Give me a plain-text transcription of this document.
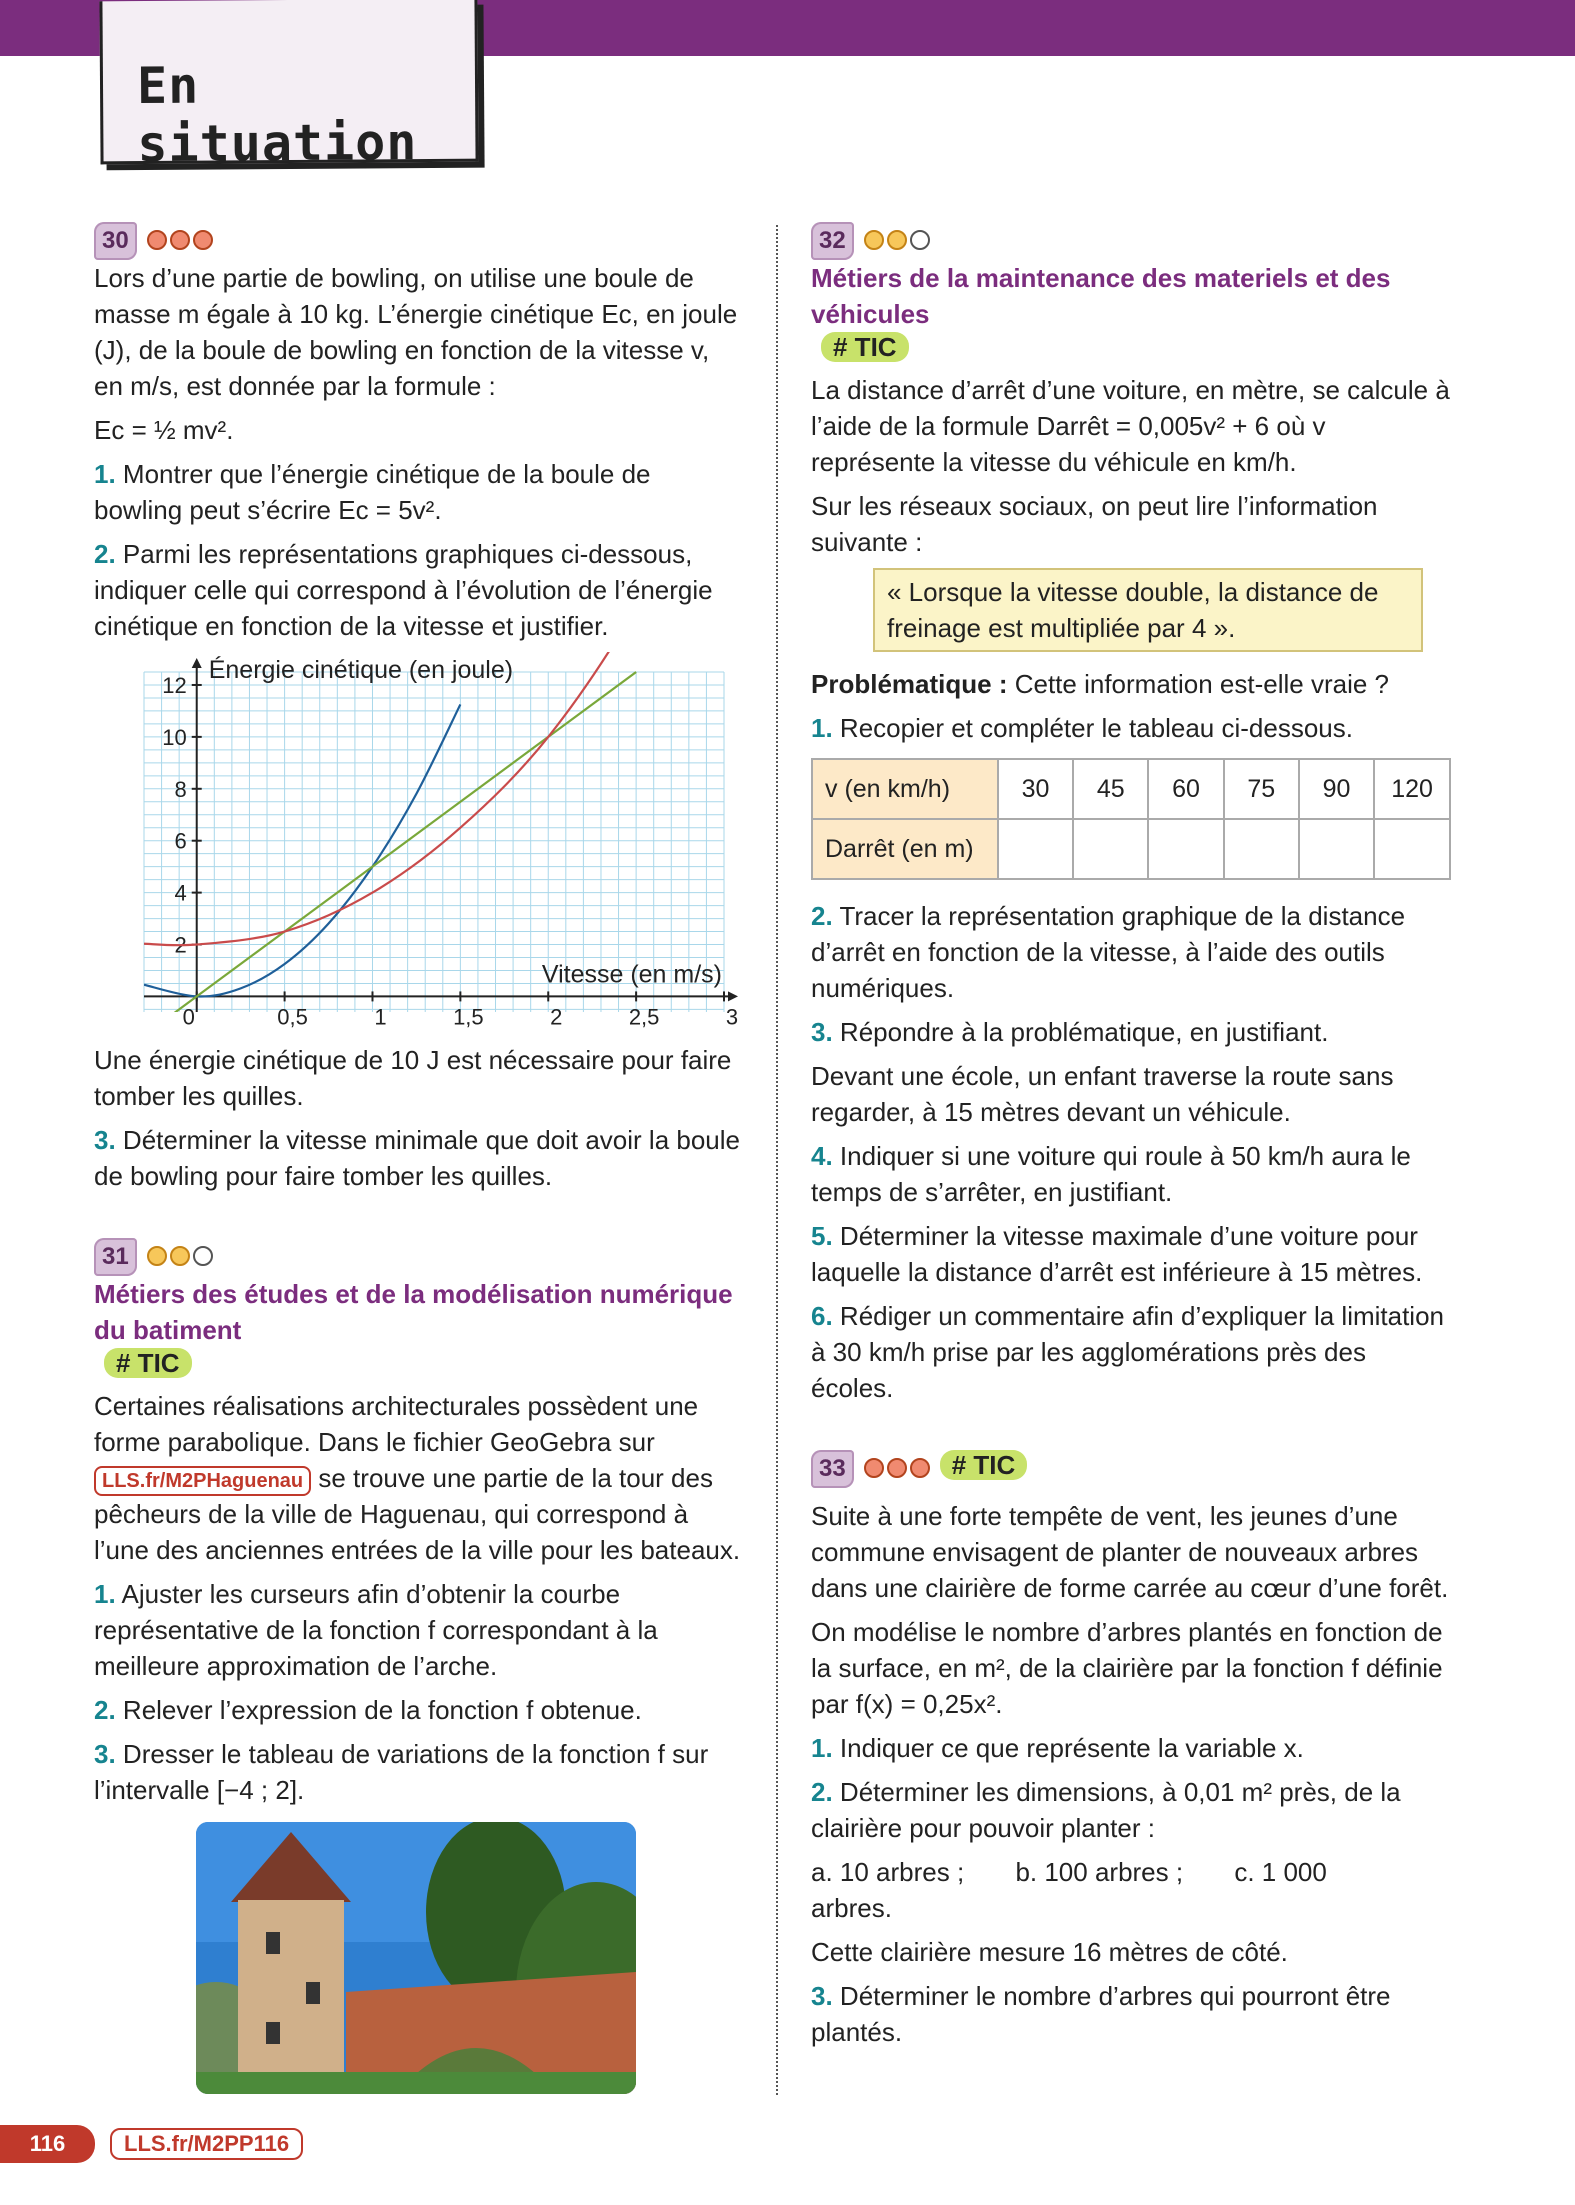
En situation
30

Lors d’une partie de bowling, on utilise une boule de masse m égale à 10 kg. L’énergie cinétique Ec, en joule (J), de la boule de bowling en fonction de la vitesse v, en m/s, est donnée par la formule :

Ec = ½ mv².

1. Montrer que l’énergie cinétique de la boule de bowling peut s’écrire Ec = 5v².

2. Parmi les représentations graphiques ci-dessous, indiquer celle qui correspond à l’évolution de l’énergie cinétique en fonction de la vitesse et justifier.

0	0,5	1	1,5	2	2,5	3
2
4
6
8
10
12
Énergie cinétique (en joule)
Vitesse (en m/s)

Une énergie cinétique de 10 J est nécessaire pour faire tomber les quilles.

3. Déterminer la vitesse minimale que doit avoir la boule de bowling pour faire tomber les quilles.

31
Métiers des études et de la modélisation numérique du batiment
# TIC

Certaines réalisations architecturales possèdent une forme parabolique. Dans le fichier GeoGebra sur LLS.fr/M2PHaguenau se trouve une partie de la tour des pêcheurs de la ville de Haguenau, qui correspond à l’une des anciennes entrées de la ville pour les bateaux.

1. Ajuster les curseurs afin d’obtenir la courbe représentative de la fonction f correspondant à la meilleure approximation de l’arche.

2. Relever l’expression de la fonction f obtenue.

3. Dresser le tableau de variations de la fonction f sur l’intervalle [−4 ; 2].

32
Métiers de la maintenance des materiels et des véhicules
# TIC

La distance d’arrêt d’une voiture, en mètre, se calcule à l’aide de la formule Darrêt = 0,005v² + 6 où v représente la vitesse du véhicule en km/h.

Sur les réseaux sociaux, on peut lire l’information suivante :

« Lorsque la vitesse double, la distance de freinage est multipliée par 4 ».

Problématique : Cette information est-elle vraie ?

1. Recopier et compléter le tableau ci-dessous.

v (en km/h)	30	45	60	75	90	120
Darrêt (en m)						

2. Tracer la représentation graphique de la distance d’arrêt en fonction de la vitesse, à l’aide des outils numériques.

3. Répondre à la problématique, en justifiant.

Devant une école, un enfant traverse la route sans regarder, à 15 mètres devant un véhicule.

4. Indiquer si une voiture qui roule à 50 km/h aura le temps de s’arrêter, en justifiant.

5. Déterminer la vitesse maximale d’une voiture pour laquelle la distance d’arrêt est inférieure à 15 mètres.

6. Rédiger un commentaire afin d’expliquer la limitation à 30 km/h prise par les agglomérations près des écoles.

33	# TIC

Suite à une forte tempête de vent, les jeunes d’une commune envisagent de planter de nouveaux arbres dans une clairière de forme carrée au cœur d’une forêt.

On modélise le nombre d’arbres plantés en fonction de la surface, en m², de la clairière par la fonction f définie par f(x) = 0,25x².

1. Indiquer ce que représente la variable x.

2. Déterminer les dimensions, à 0,01 m² près, de la clairière pour pouvoir planter :

a. 10 arbres ; b. 100 arbres ; c. 1 000 arbres.

Cette clairière mesure 16 mètres de côté.

3. Déterminer le nombre d’arbres qui pourront être plantés.

116	LLS.fr/M2PP116
